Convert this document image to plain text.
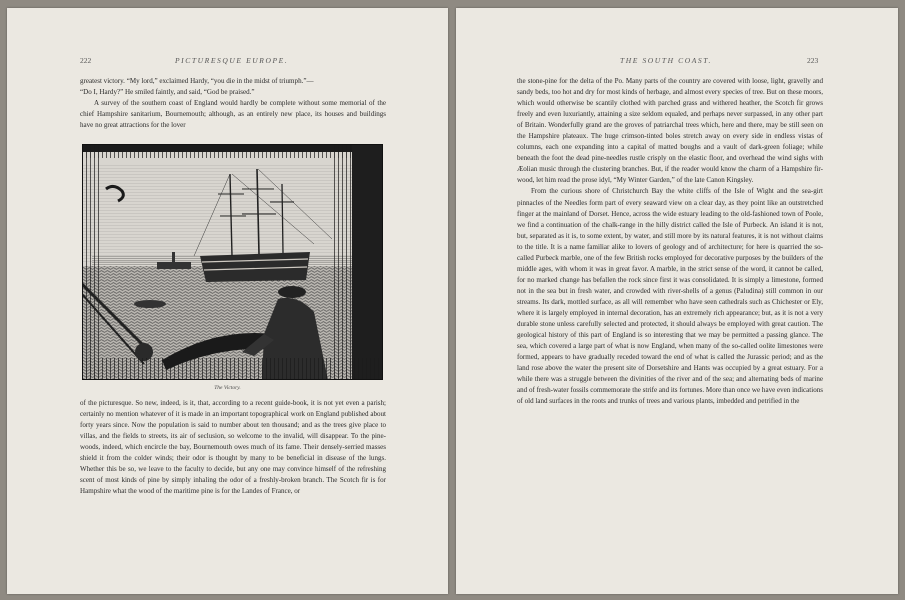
222	PICTURESQUE EUROPE.

greatest victory. “My lord,” exclaimed Hardy, “you die in the midst of triumph.”—

“Do I, Hardy?” He smiled faintly, and said, “God be praised.”

A survey of the southern coast of England would hardly be complete without some memorial of the chief Hampshire sanitarium, Bournemouth; although, as an entirely new place, its houses and buildings have no great attractions for the lover

The Victory.

of the picturesque. So new, indeed, is it, that, according to a recent guide-book, it is not yet even a parish; certainly no mention whatever of it is made in an important topographical work on England published about forty years since. Now the population is said to number about ten thousand; and as the trees give place to villas, and the fields to streets, its air of seclusion, so welcome to the invalid, will disappear. To the pine-woods, indeed, which encircle the bay, Bournemouth owes much of its fame. Their densely-serried masses shield it from the colder winds; their odor is thought by many to be beneficial in disease of the lungs. Whether this be so, we leave to the faculty to decide, but any one may convince himself of the refreshing scent of most kinds of pine by simply inhaling the odor of a freshly-broken branch. The Scotch fir is for Hampshire what the wood of the maritime pine is for the Landes of France, or

THE SOUTH COAST.	223

the stone-pine for the delta of the Po. Many parts of the country are covered with loose, light, gravelly and sandy beds, too hot and dry for most kinds of herbage, and almost every species of tree. But on these moors, which would otherwise be scantily clothed with parched grass and withered heather, the Scotch fir grows freely and even luxuriantly, attaining a size seldom equaled, and perhaps never surpassed, in any other part of Britain. Wonderfully grand are the groves of patriarchal trees which, here and there, may be still seen on the Hampshire plateaux. The huge crimson-tinted boles stretch away on every side in endless vistas of columns, each one expanding into a capital of matted boughs and a vault of dark-green foliage; while beneath the foot the dead pine-needles rustle crisply on the elastic floor, and overhead the wind sighs with Æolian music through the clustering branches. But, if the reader would know the charm of a Hampshire fir-wood, let him read the prose idyl, “My Winter Garden,” of the late Canon Kingsley.

From the curious shore of Christchurch Bay the white cliffs of the Isle of Wight and the sea-girt pinnacles of the Needles form part of every seaward view on a clear day, as they point like an outstretched finger at the mainland of Dorset. Hence, across the wide estuary leading to the old-fashioned town of Poole, we find a continuation of the chalk-range in the hilly district called the Isle of Purbeck. An island it is not, but, separated as it is, to some extent, by water, and still more by its natural features, it is not without claims to the title. It is a name familiar alike to lovers of geology and of architecture; for here is quarried the so-called Purbeck marble, one of the few British rocks employed for decorative purposes by the builders of the middle ages, with whom it was in great favor. A marble, in the strict sense of the word, it cannot be called, for no marked change has befallen the rock since first it was consolidated. It is simply a limestone, formed not in the sea but in fresh water, and crowded with river-shells of a genus (Paludina) still common in our streams. Its dark, mottled surface, as all will remember who have seen cathedrals such as Chichester or Ely, where it is largely employed in internal decoration, has an extremely rich appearance; but, as it is not a very durable stone unless carefully selected and protected, it should always be employed with great caution. The geological history of this part of England is so interesting that we may be permitted a passing glance. The sea, which covered a large part of what is now England, when many of the so-called oolite limestones were formed, appears to have gradually receded toward the end of what is called the Jurassic period; and as the land rose above the water the present site of Dorsetshire and Hants was occupied by a great estuary. For a while there was a struggle between the divinities of the river and of the sea; and alternating beds of marine and of fresh-water fossils commemorate the strife and its fortunes. More than once we have even indications of old land surfaces in the roots and trunks of trees and various plants, imbedded and petrified in the
